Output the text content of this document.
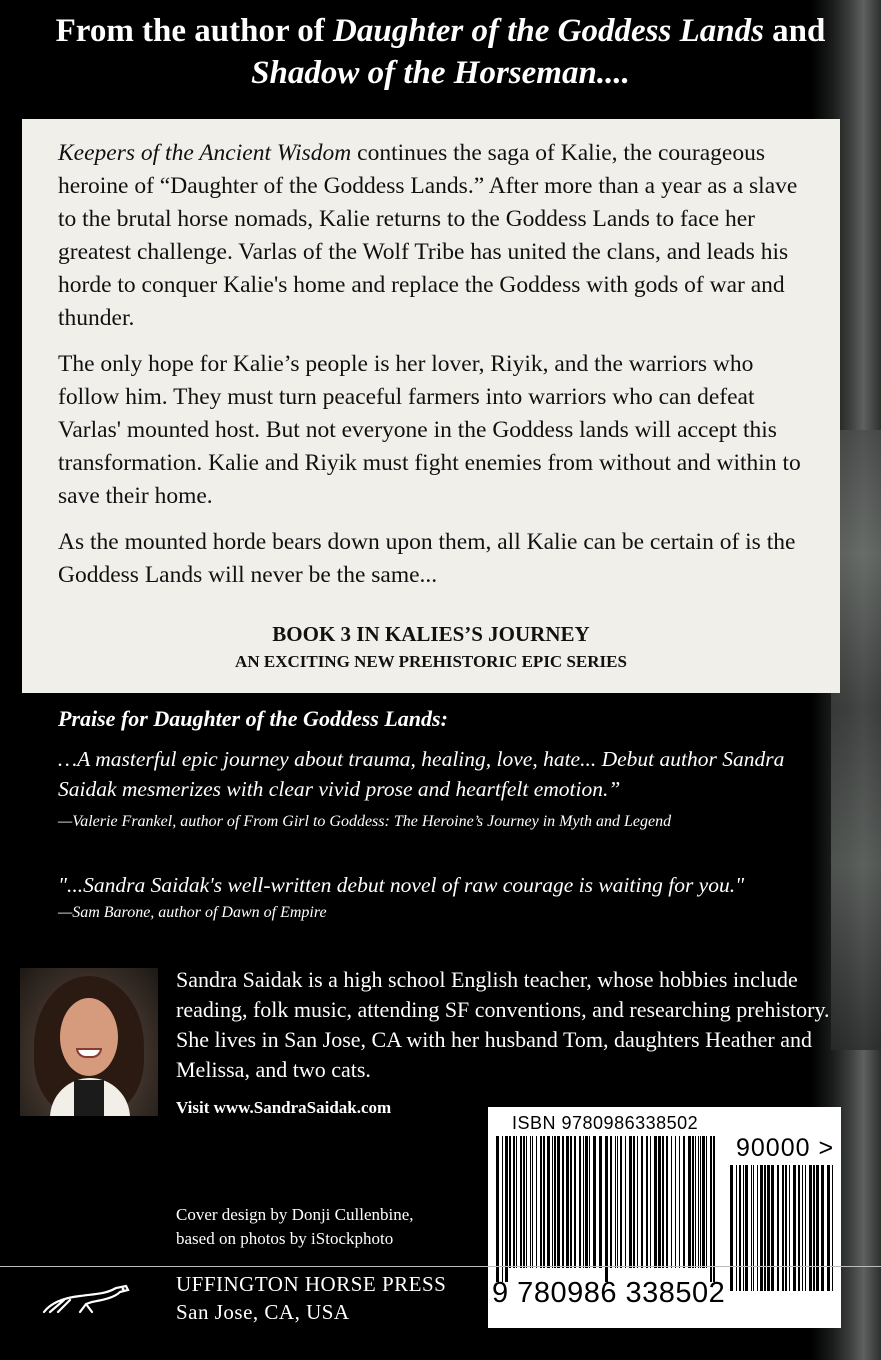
From the author of Daughter of the Goddess Lands and
Shadow of the Horseman....

Keepers of the Ancient Wisdom continues the saga of Kalie, the courageous heroine of “Daughter of the Goddess Lands.” After more than a year as a slave to the brutal horse nomads, Kalie returns to the Goddess Lands to face her greatest challenge. Varlas of the Wolf Tribe has united the clans, and leads his horde to conquer Kalie's home and replace the Goddess with gods of war and thunder.

The only hope for Kalie’s people is her lover, Riyik, and the warriors who follow him. They must turn peaceful farmers into warriors who can defeat Varlas' mounted host. But not everyone in the Goddess lands will accept this transformation. Kalie and Riyik must fight enemies from without and within to save their home.

As the mounted horde bears down upon them, all Kalie can be certain of is the Goddess Lands will never be the same...

BOOK 3 IN KALIES’S JOURNEY
AN EXCITING NEW PREHISTORIC EPIC SERIES
Praise for Daughter of the Goddess Lands:
…A masterful epic journey about trauma, healing, love, hate... Debut author Sandra Saidak mesmerizes with clear vivid prose and heartfelt emotion.”
—Valerie Frankel, author of From Girl to Goddess: The Heroine’s Journey in Myth and Legend
"...Sandra Saidak's well-written debut novel of raw courage is waiting for you."
—Sam Barone, author of Dawn of Empire
Sandra Saidak is a high school English teacher, whose hobbies include reading, folk music, attending SF conventions, and researching prehistory. She lives in San Jose, CA with her husband Tom, daughters Heather and Melissa, and two cats.
Visit www.SandraSaidak.com
ISBN 9780986338502
90000 >
9 780986 338502
Cover design by Donji Cullenbine,
based on photos by iStockphoto
UFFINGTON HORSE PRESS
San Jose, CA, USA
